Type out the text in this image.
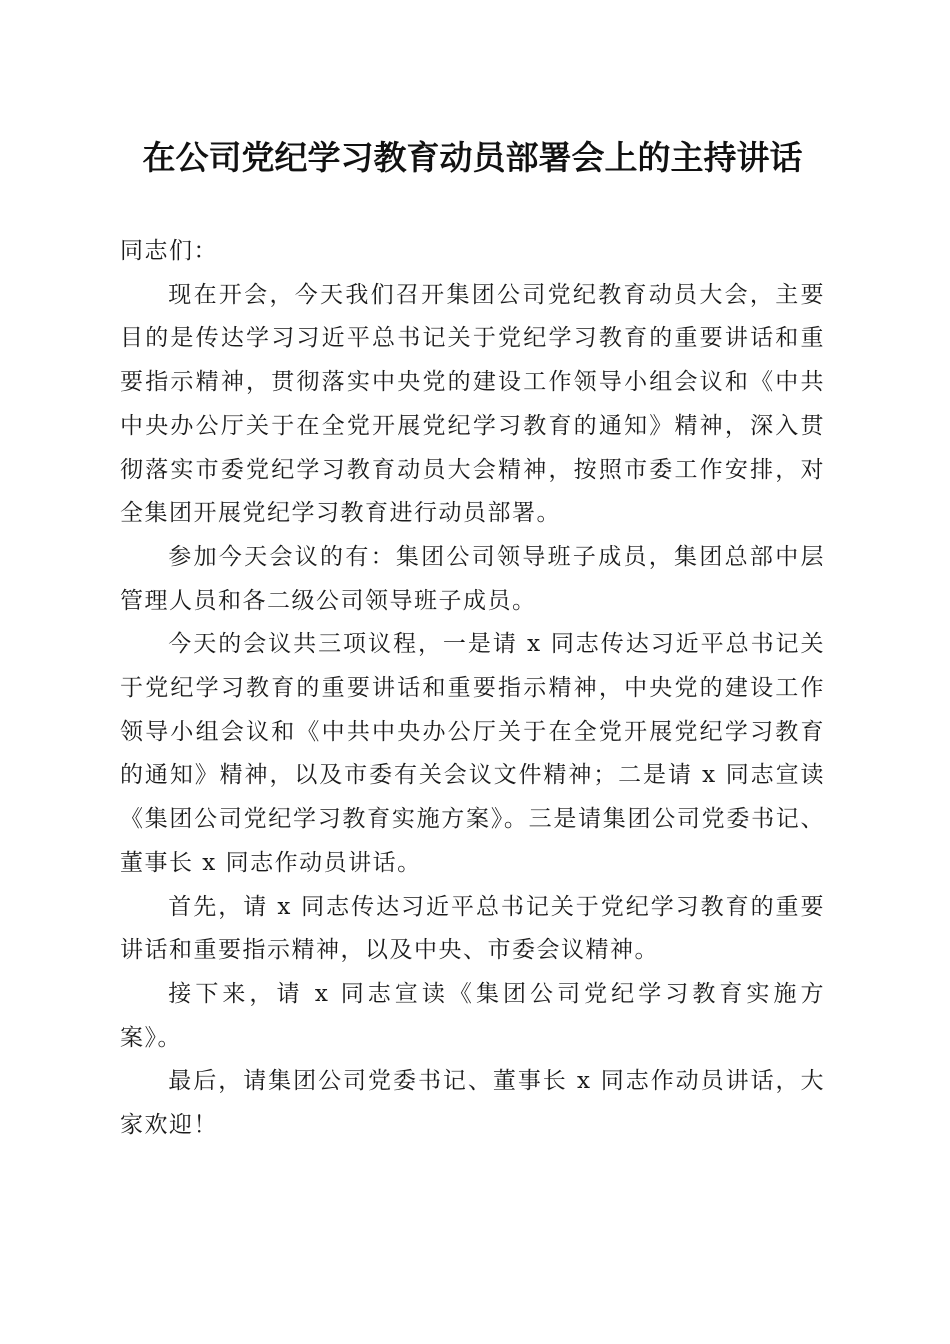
在公司党纪学习教育动员部署会上的主持讲话

同志们：

现在开会，今天我们召开集团公司党纪教育动员大会，主要目的是传达学习习近平总书记关于党纪学习教育的重要讲话和重要指示精神，贯彻落实中央党的建设工作领导小组会议和《中共中央办公厅关于在全党开展党纪学习教育的通知》精神，深入贯彻落实市委党纪学习教育动员大会精神，按照市委工作安排，对全集团开展党纪学习教育进行动员部署。

参加今天会议的有：集团公司领导班子成员，集团总部中层管理人员和各二级公司领导班子成员。

今天的会议共三项议程，一是请 x 同志传达习近平总书记关于党纪学习教育的重要讲话和重要指示精神，中央党的建设工作领导小组会议和《中共中央办公厅关于在全党开展党纪学习教育的通知》精神，以及市委有关会议文件精神；二是请 x 同志宣读《集团公司党纪学习教育实施方案》。三是请集团公司党委书记、董事长 x 同志作动员讲话。

首先，请 x 同志传达习近平总书记关于党纪学习教育的重要讲话和重要指示精神，以及中央、市委会议精神。

接下来，请 x 同志宣读《集团公司党纪学习教育实施方案》。

最后，请集团公司党委书记、董事长 x 同志作动员讲话，大家欢迎！
